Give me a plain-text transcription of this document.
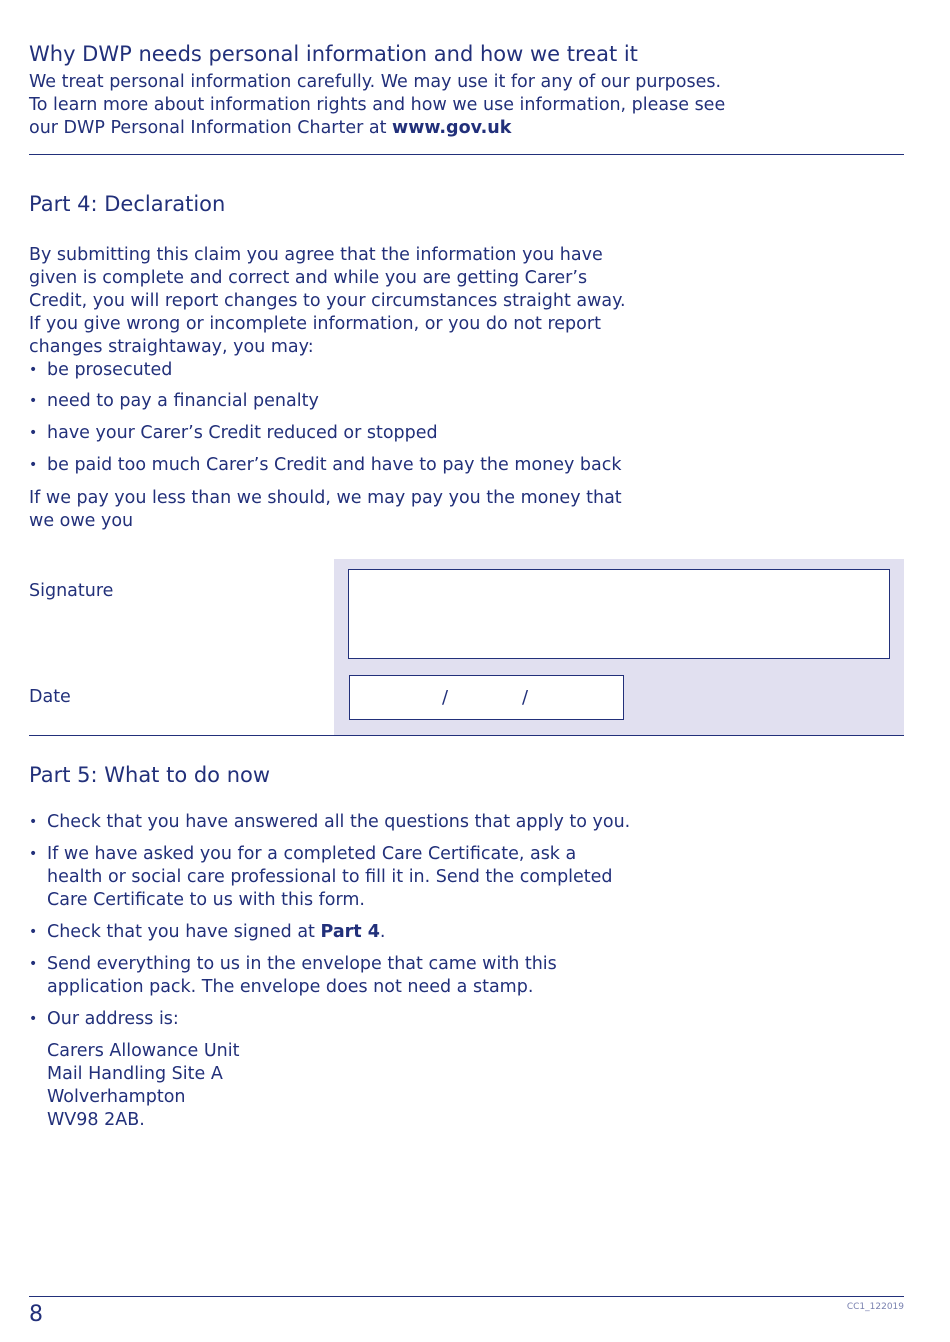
Why DWP needs personal information and how we treat it
We treat personal information carefully. We may use it for any of our purposes.
To learn more about information rights and how we use information, please see
our DWP Personal Information Charter at www.gov.uk
Part 4: Declaration
By submitting this claim you agree that the information you have
given is complete and correct and while you are getting Carer’s
Credit, you will report changes to your circumstances straight away.
If you give wrong or incomplete information, or you do not report
changes straightaway, you may:
• be prosecuted
• need to pay a financial penalty
• have your Carer’s Credit reduced or stopped
• be paid too much Carer’s Credit and have to pay the money back
If we pay you less than we should, we may pay you the money that
we owe you
Signature
Date	/	/
Part 5: What to do now
• Check that you have answered all the questions that apply to you.
• If we have asked you for a completed Care Certificate, ask a
health or social care professional to fill it in. Send the completed
Care Certificate to us with this form.
• Check that you have signed at Part 4.
• Send everything to us in the envelope that came with this
application pack. The envelope does not need a stamp.
• Our address is:
Carers Allowance Unit
Mail Handling Site A
Wolverhampton
WV98 2AB.
8	CC1_122019
